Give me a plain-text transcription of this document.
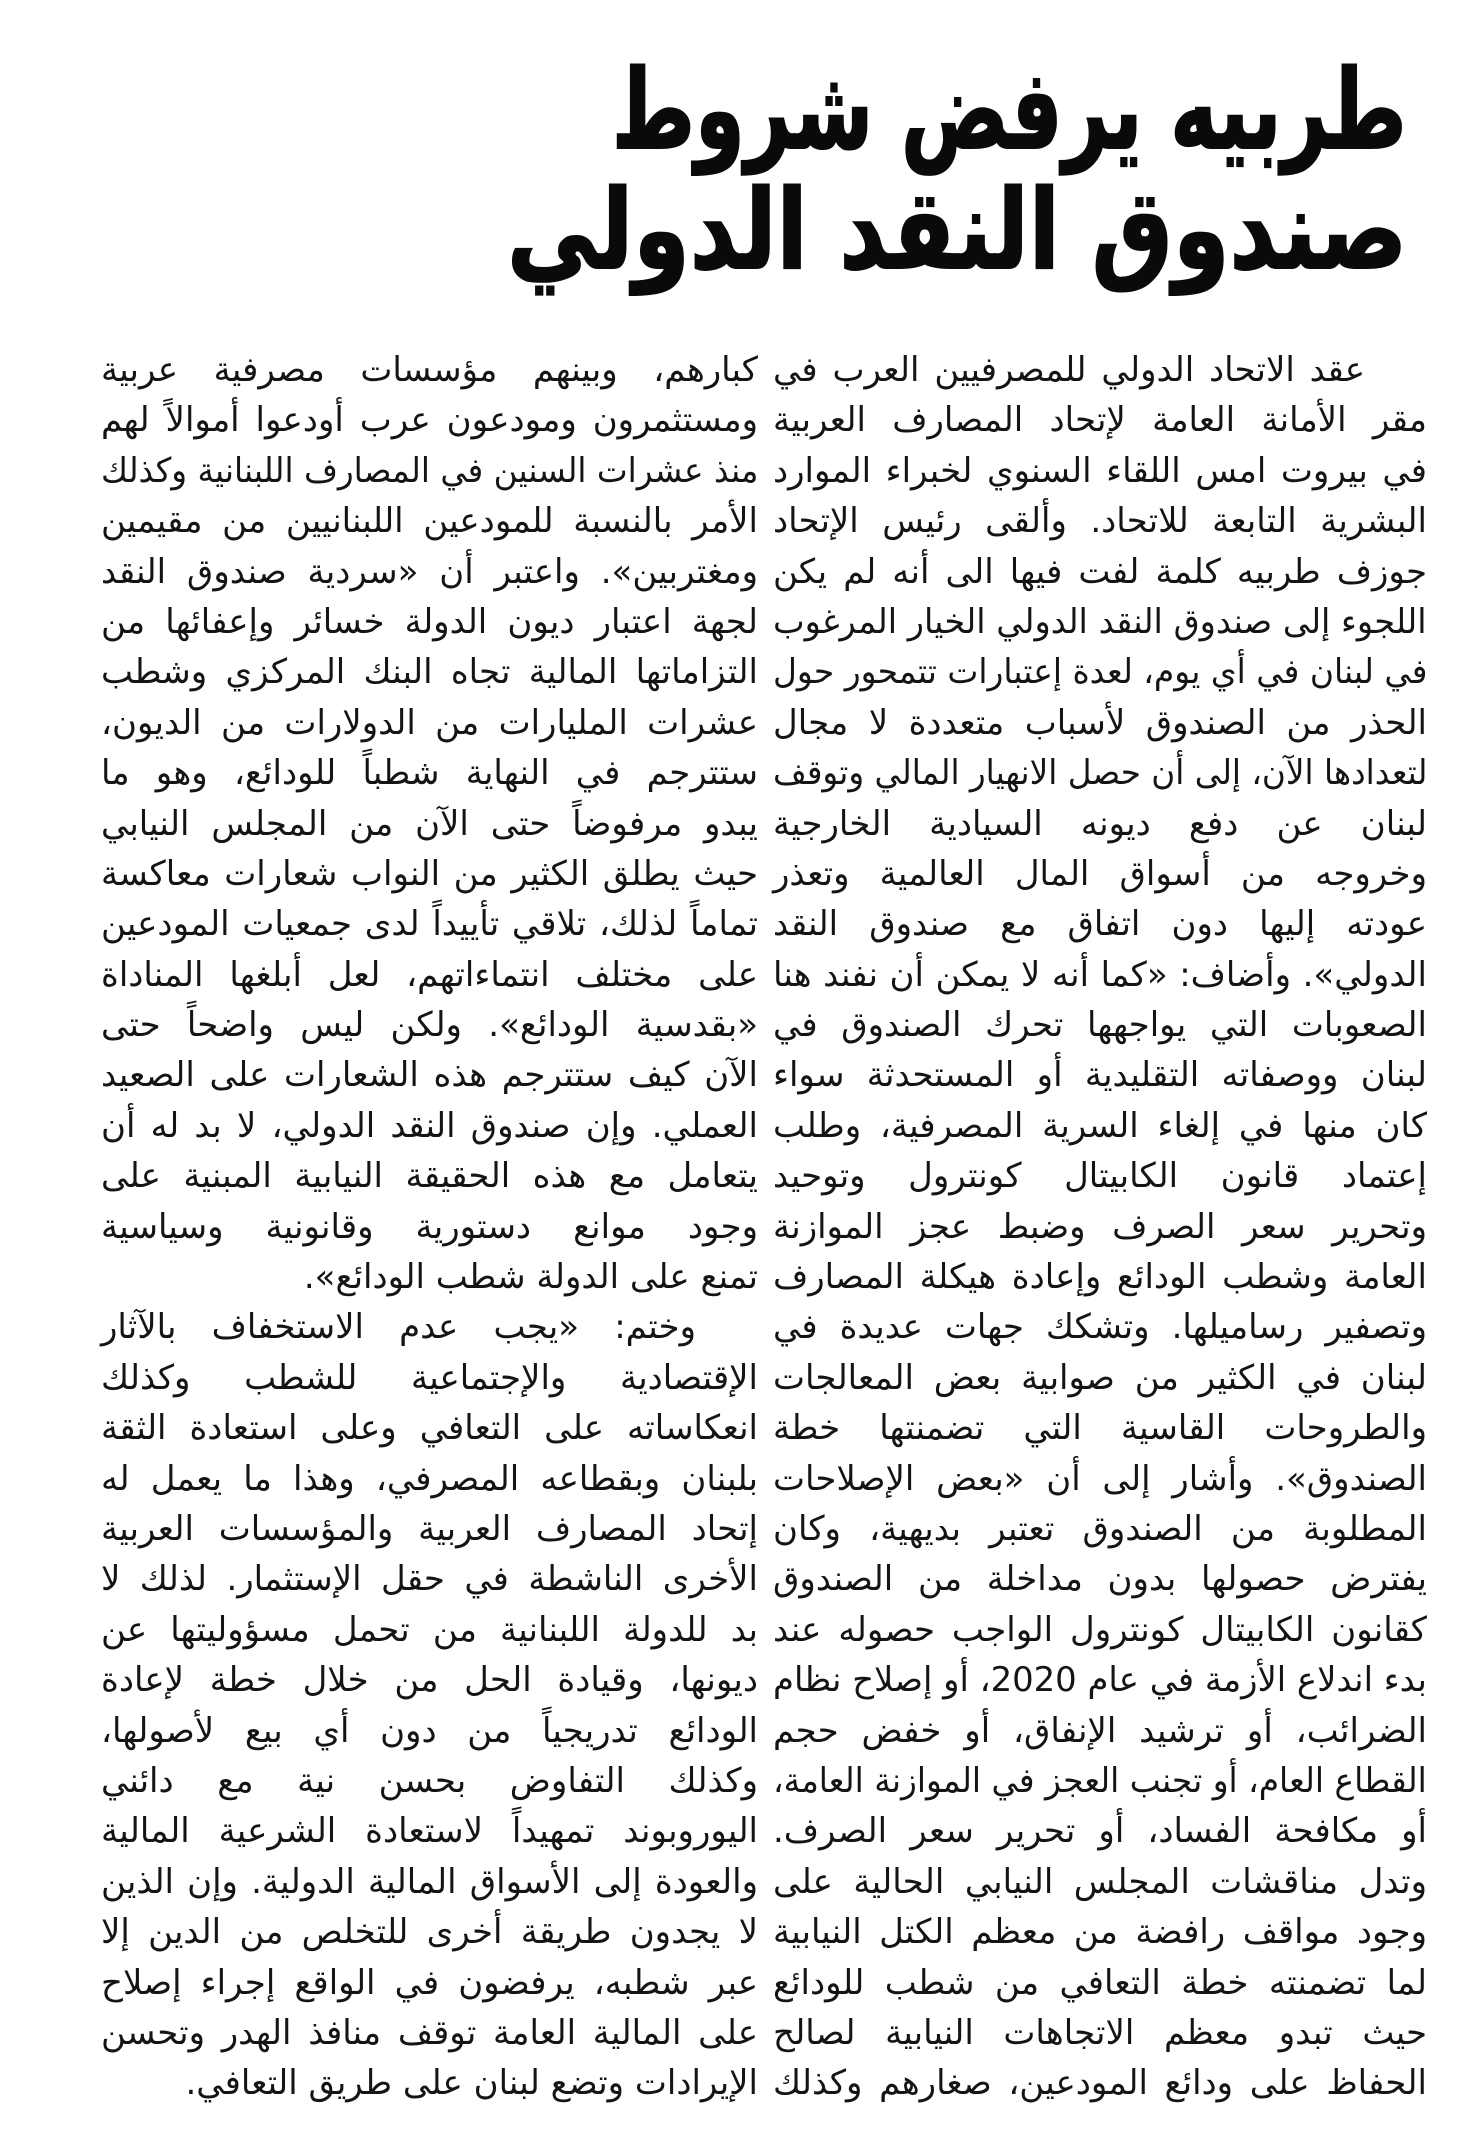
طربيه يرفض شروط
صندوق النقد الدولي
عقد الاتحاد الدولي للمصرفيين العرب في
مقر الأمانة العامة لإتحاد المصارف العربية
في بيروت امس اللقاء السنوي لخبراء الموارد
البشرية التابعة للاتحاد. وألقى رئيس الإتحاد
جوزف طربيه كلمة لفت فيها الى أنه لم يكن
اللجوء إلى صندوق النقد الدولي الخيار المرغوب
في لبنان في أي يوم، لعدة إعتبارات تتمحور حول
الحذر من الصندوق لأسباب متعددة لا مجال
لتعدادها الآن، إلى أن حصل الانهيار المالي وتوقف
لبنان عن دفع ديونه السيادية الخارجية
وخروجه من أسواق المال العالمية وتعذر
عودته إليها دون اتفاق مع صندوق النقد
الدولي». وأضاف: «كما أنه لا يمكن أن نفند هنا
الصعوبات التي يواجهها تحرك الصندوق في
لبنان ووصفاته التقليدية أو المستحدثة سواء
كان منها في إلغاء السرية المصرفية، وطلب
إعتماد قانون الكابيتال كونترول وتوحيد
وتحرير سعر الصرف وضبط عجز الموازنة
العامة وشطب الودائع وإعادة هيكلة المصارف
وتصفير رساميلها. وتشكك جهات عديدة في
لبنان في الكثير من صوابية بعض المعالجات
والطروحات القاسية التي تضمنتها خطة
الصندوق». وأشار إلى أن «بعض الإصلاحات
المطلوبة من الصندوق تعتبر بديهية، وكان
يفترض حصولها بدون مداخلة من الصندوق
كقانون الكابيتال كونترول الواجب حصوله عند
بدء اندلاع الأزمة في عام 2020، أو إصلاح نظام
الضرائب، أو ترشيد الإنفاق، أو خفض حجم
القطاع العام، أو تجنب العجز في الموازنة العامة،
أو مكافحة الفساد، أو تحرير سعر الصرف.
وتدل مناقشات المجلس النيابي الحالية على
وجود مواقف رافضة من معظم الكتل النيابية
لما تضمنته خطة التعافي من شطب للودائع
حيث تبدو معظم الاتجاهات النيابية لصالح
الحفاظ على ودائع المودعين، صغارهم وكذلك
كبارهم، وبينهم مؤسسات مصرفية عربية
ومستثمرون ومودعون عرب أودعوا أموالاً لهم
منذ عشرات السنين في المصارف اللبنانية وكذلك
الأمر بالنسبة للمودعين اللبنانيين من مقيمين
ومغتربين». واعتبر أن «سردية صندوق النقد
لجهة اعتبار ديون الدولة خسائر وإعفائها من
التزاماتها المالية تجاه البنك المركزي وشطب
عشرات المليارات من الدولارات من الديون،
ستترجم في النهاية شطباً للودائع، وهو ما
يبدو مرفوضاً حتى الآن من المجلس النيابي
حيث يطلق الكثير من النواب شعارات معاكسة
تماماً لذلك، تلاقي تأييداً لدى جمعيات المودعين
على مختلف انتماءاتهم، لعل أبلغها المناداة
«بقدسية الودائع». ولكن ليس واضحاً حتى
الآن كيف ستترجم هذه الشعارات على الصعيد
العملي. وإن صندوق النقد الدولي، لا بد له أن
يتعامل مع هذه الحقيقة النيابية المبنية على
وجود موانع دستورية وقانونية وسياسية
تمنع على الدولة شطب الودائع».
وختم: «يجب عدم الاستخفاف بالآثار
الإقتصادية والإجتماعية للشطب وكذلك
انعكاساته على التعافي وعلى استعادة الثقة
بلبنان وبقطاعه المصرفي، وهذا ما يعمل له
إتحاد المصارف العربية والمؤسسات العربية
الأخرى الناشطة في حقل الإستثمار. لذلك لا
بد للدولة اللبنانية من تحمل مسؤوليتها عن
ديونها، وقيادة الحل من خلال خطة لإعادة
الودائع تدريجياً من دون أي بيع لأصولها،
وكذلك التفاوض بحسن نية مع دائني
اليوروبوند تمهيداً لاستعادة الشرعية المالية
والعودة إلى الأسواق المالية الدولية. وإن الذين
لا يجدون طريقة أخرى للتخلص من الدين إلا
عبر شطبه، يرفضون في الواقع إجراء إصلاح
على المالية العامة توقف منافذ الهدر وتحسن
الإيرادات وتضع لبنان على طريق التعافي.
